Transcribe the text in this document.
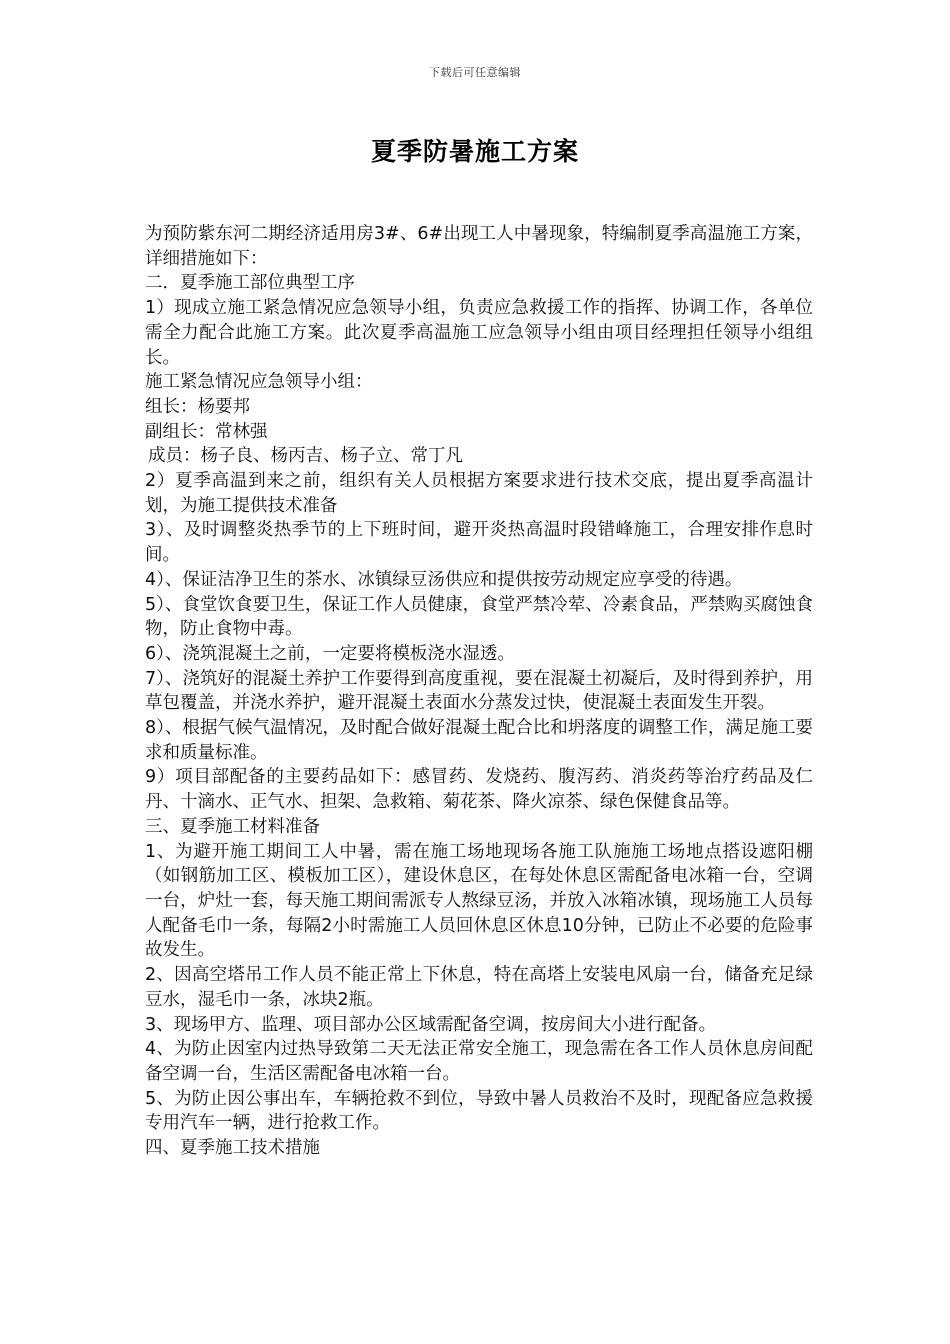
下载后可任意编辑
夏季防暑施工方案

为预防紫东河二期经济适用房3#、6#出现工人中暑现象，特编制夏季高温施工方案，详细措施如下：

二．夏季施工部位典型工序

1）现成立施工紧急情况应急领导小组，负责应急救援工作的指挥、协调工作，各单位需全力配合此施工方案。此次夏季高温施工应急领导小组由项目经理担任领导小组组长。

施工紧急情况应急领导小组：

组长：杨要邦

副组长：常林强

成员：杨子良、杨丙吉、杨子立、常丁凡

2）夏季高温到来之前，组织有关人员根据方案要求进行技术交底，提出夏季高温计划，为施工提供技术准备

3）、及时调整炎热季节的上下班时间，避开炎热高温时段错峰施工，合理安排作息时间。

4）、保证洁净卫生的茶水、冰镇绿豆汤供应和提供按劳动规定应享受的待遇。

5）、食堂饮食要卫生，保证工作人员健康，食堂严禁冷荤、冷素食品，严禁购买腐蚀食物，防止食物中毒。

6）、浇筑混凝土之前，一定要将模板浇水湿透。

7）、浇筑好的混凝土养护工作要得到高度重视，要在混凝土初凝后，及时得到养护，用草包覆盖，并浇水养护，避开混凝土表面水分蒸发过快，使混凝土表面发生开裂。

8）、根据气候气温情况，及时配合做好混凝土配合比和坍落度的调整工作，满足施工要求和质量标准。

9）项目部配备的主要药品如下：感冒药、发烧药、腹泻药、消炎药等治疗药品及仁丹、十滴水、正气水、担架、急救箱、菊花茶、降火凉茶、绿色保健食品等。

三、夏季施工材料准备

1、为避开施工期间工人中暑，需在施工场地现场各施工队施施工场地点搭设遮阳棚（如钢筋加工区、模板加工区），建设休息区，在每处休息区需配备电冰箱一台，空调一台，炉灶一套，每天施工期间需派专人熬绿豆汤，并放入冰箱冰镇，现场施工人员每人配备毛巾一条，每隔2小时需施工人员回休息区休息10分钟，已防止不必要的危险事故发生。

2、因高空塔吊工作人员不能正常上下休息，特在高塔上安装电风扇一台，储备充足绿豆水，湿毛巾一条，冰块2瓶。

3、现场甲方、监理、项目部办公区域需配备空调，按房间大小进行配备。

4、为防止因室内过热导致第二天无法正常安全施工，现急需在各工作人员休息房间配备空调一台，生活区需配备电冰箱一台。

5、为防止因公事出车，车辆抢救不到位，导致中暑人员救治不及时，现配备应急救援专用汽车一辆，进行抢救工作。

四、夏季施工技术措施
